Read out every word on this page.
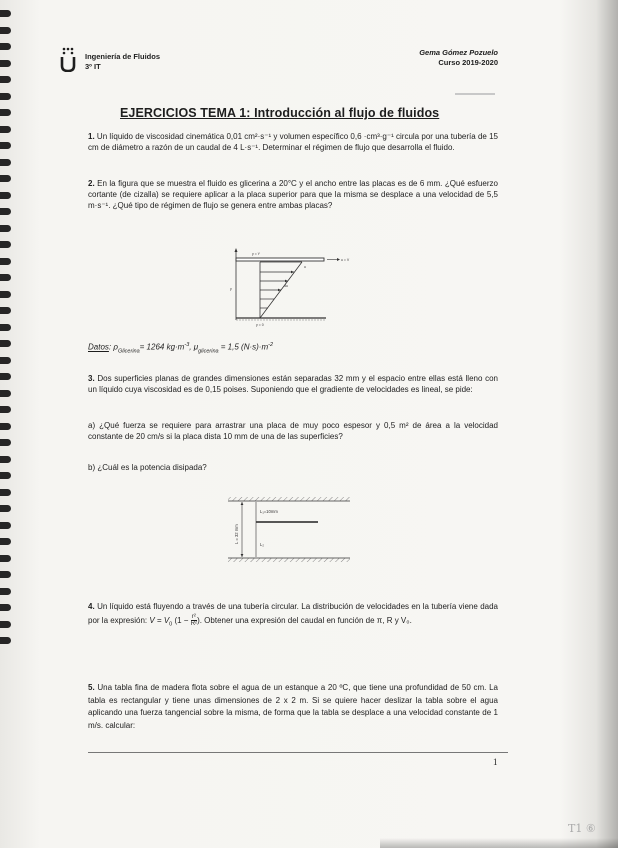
Ingeniería de Fluidos
3º IT
Gema Gómez Pozuelo
Curso 2019-2020
EJERCICIOS TEMA 1: Introducción al flujo de fluidos
1. Un líquido de viscosidad cinemática 0,01 cm²·s⁻¹ y volumen específico 0,6 ·cm³·g⁻¹ circula por una tubería de 15 cm de diámetro a razón de un caudal de 4 L·s⁻¹. Determinar el régimen de flujo que desarrolla el fluido.
2. En la figura que se muestra el fluido es glicerina a 20°C y el ancho entre las placas es de 6 mm. ¿Qué esfuerzo cortante (de cizalla) se requiere aplicar a la placa superior para que la misma se desplace a una velocidad de 5,5 m·s⁻¹. ¿Qué tipo de régimen de flujo se genera entre ambas placas?
y = Y
u = V
u
y
du
y = 0
Datos: $\rho_{Glicerina}= 1264$ $kg\cdot m^{-3}$, $\mu_{glicerina} = 1,5$ $(N\cdot s)\cdot m^{-2}$
3. Dos superficies planas de grandes dimensiones están separadas 32 mm y el espacio entre ellas está lleno con un líquido cuya viscosidad es de 0,15 poises. Suponiendo que el gradiente de velocidades es lineal, se pide:
a) ¿Qué fuerza se requiere para arrastrar una placa de muy poco espesor y 0,5 m² de área a la velocidad constante de 20 cm/s si la placa dista 10 mm de una de las superficies?
b) ¿Cuál es la potencia disipada?
L₁=10mm
L = 32 mm
L₂
4. Un líquido está fluyendo a través de una tubería circular. La distribución de velocidades en la tubería viene dada por la expresión: $V = V_0$ ($1 - \frac{\text{r²}}{\text{R²}}$ ). Obtener una expresión del caudal en función de π, R y V₀.
5. Una tabla fina de madera flota sobre el agua de un estanque a 20 ºC, que tiene una profundidad de 50 cm. La tabla es rectangular y tiene unas dimensiones de 2 x 2 m. Si se quiere hacer deslizar la tabla sobre el agua aplicando una fuerza tangencial sobre la misma, de forma que la tabla se desplace a una velocidad constante de 1 m/s. calcular:
1
T1 ⑥
